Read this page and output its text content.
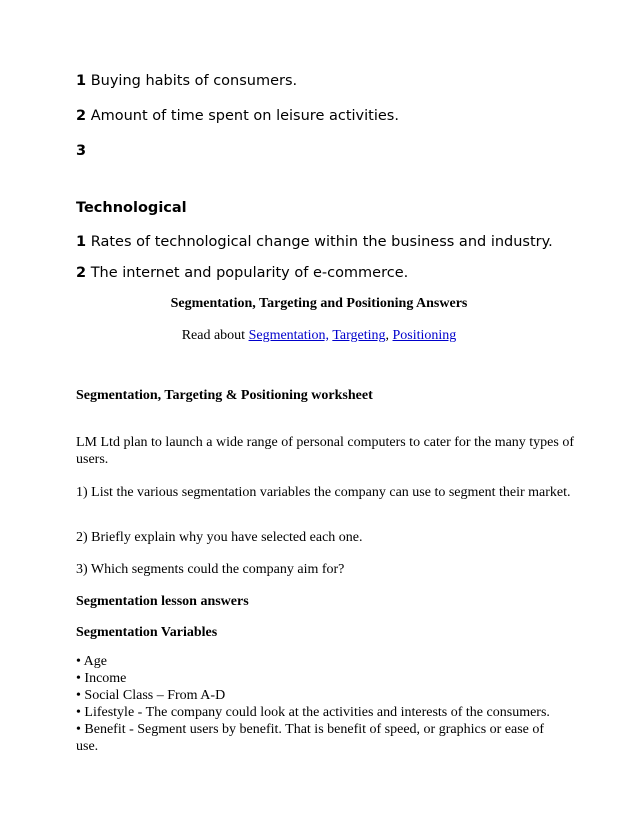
1 Buying habits of consumers.
2 Amount of time spent on leisure activities.
3
Technological
1 Rates of technological change within the business and industry.
2 The internet and popularity of e-commerce.
Segmentation, Targeting and Positioning Answers
Read about Segmentation, Targeting, Positioning
Segmentation, Targeting & Positioning worksheet
LM Ltd plan to launch a wide range of personal computers to cater for the many types of users.
1) List the various segmentation variables the company can use to segment their market.
2) Briefly explain why you have selected each one.
3) Which segments could the company aim for?
Segmentation lesson answers
Segmentation Variables
• Age
• Income
• Social Class – From A-D
• Lifestyle - The company could look at the activities and interests of the consumers.
• Benefit - Segment users by benefit. That is benefit of speed, or graphics or ease of use.
